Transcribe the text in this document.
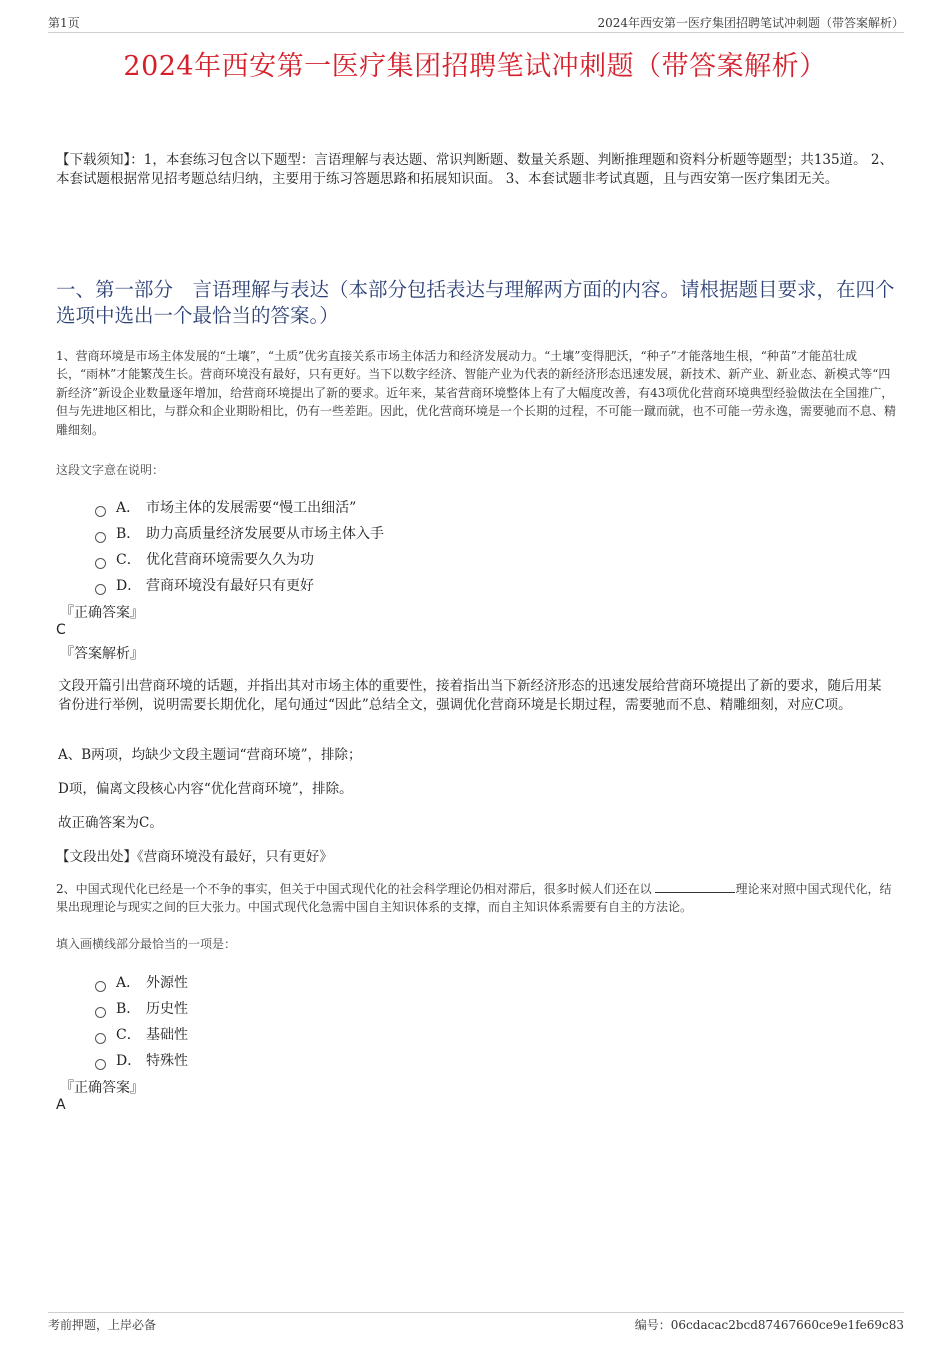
第1页	2024年西安第一医疗集团招聘笔试冲刺题（带答案解析）
2024年西安第一医疗集团招聘笔试冲刺题（带答案解析）
【下载须知】：1，本套练习包含以下题型：言语理解与表达题、常识判断题、数量关系题、判断推理题和资料分析题等题型；共135道。 2、本套试题根据常见招考题总结归纳，主要用于练习答题思路和拓展知识面。 3、本套试题非考试真题，且与西安第一医疗集团无关。
一、第一部分　言语理解与表达（本部分包括表达与理解两方面的内容。请根据题目要求，在四个选项中选出一个最恰当的答案。）
1、营商环境是市场主体发展的“土壤”，“土质”优劣直接关系市场主体活力和经济发展动力。“土壤”变得肥沃，“种子”才能落地生根，“种苗”才能茁壮成长，“雨林”才能繁茂生长。营商环境没有最好，只有更好。当下以数字经济、智能产业为代表的新经济形态迅速发展，新技术、新产业、新业态、新模式等“四新经济”新设企业数量逐年增加，给营商环境提出了新的要求。近年来，某省营商环境整体上有了大幅度改善，有43项优化营商环境典型经验做法在全国推广，但与先进地区相比，与群众和企业期盼相比，仍有一些差距。因此，优化营商环境是一个长期的过程，不可能一蹴而就，也不可能一劳永逸，需要驰而不息、精雕细刻。
这段文字意在说明：
A． 市场主体的发展需要“慢工出细活”
B． 助力高质量经济发展要从市场主体入手
C． 优化营商环境需要久久为功
D． 营商环境没有最好只有更好
『正确答案』
C
『答案解析』
文段开篇引出营商环境的话题，并指出其对市场主体的重要性，接着指出当下新经济形态的迅速发展给营商环境提出了新的要求，随后用某省份进行举例，说明需要长期优化，尾句通过“因此”总结全文，强调优化营商环境是长期过程，需要驰而不息、精雕细刻，对应C项。
A、B两项，均缺少文段主题词“营商环境”，排除；
D项，偏离文段核心内容“优化营商环境”，排除。
故正确答案为C。
【文段出处】《营商环境没有最好，只有更好》
2、中国式现代化已经是一个不争的事实，但关于中国式现代化的社会科学理论仍相对滞后，很多时候人们还在以	理论来对照中国式现代化，结果出现理论与现实之间的巨大张力。中国式现代化急需中国自主知识体系的支撑，而自主知识体系需要有自主的方法论。
填入画横线部分最恰当的一项是：
A． 外源性
B． 历史性
C． 基础性
D． 特殊性
『正确答案』
A
考前押题，上岸必备	编号：06cdacac2bcd87467660ce9e1fe69c83
